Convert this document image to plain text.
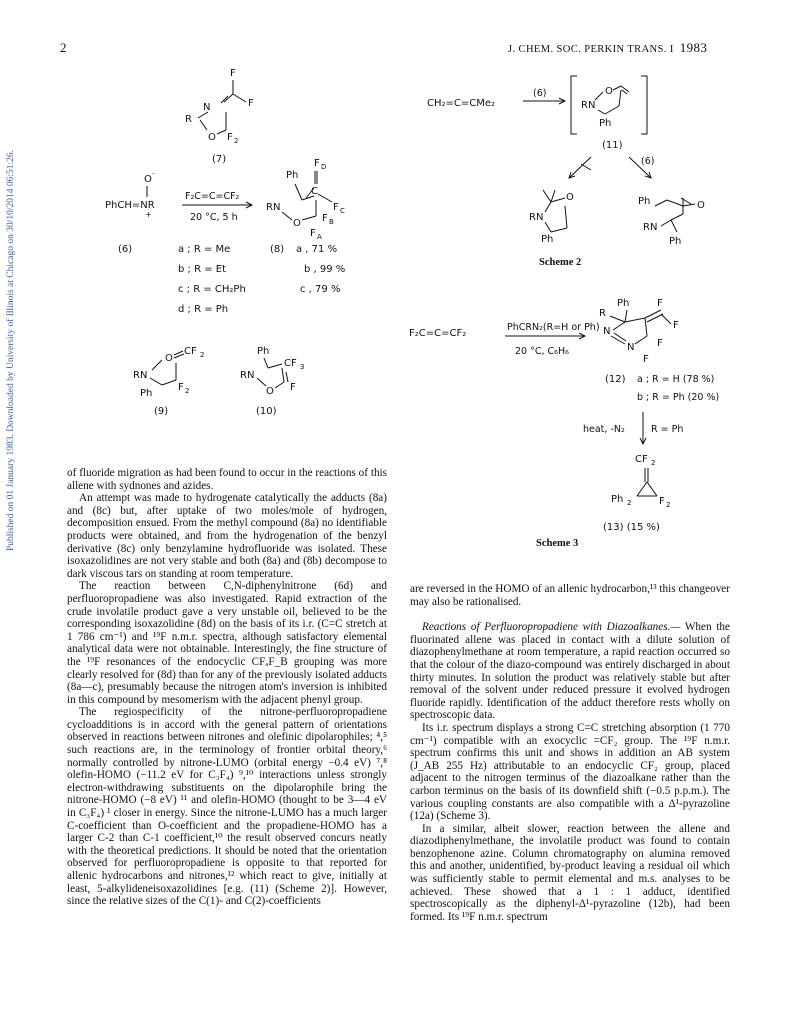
Published on 01 January 1983. Downloaded by University of Illinois at Chicago on 30/10/2014 06:51:26.
2	J. CHEM. SOC. PERKIN TRANS. I 1983
F
F
N
R
O F 2
(7)
O -
PhCH=NR
+
F₂C=C=CF₂
20 °C, 5 h
(6)
Ph
F D
C
F C
RN
O F B
F A
(8)
a ; R = Me
b ; R = Et
c ; R = CH₂Ph
d ; R = Ph
a , 71 %
b , 99 %
c , 79 %
O
CF 2
RN
F 2
Ph
(9)
Ph
CF 3
RN
O F
(10)
CH₂=C=CMe₂
(6)	O
RN
Ph
(11)
(6)
O
RN
Ph
Ph	O
RN
Ph
Scheme 2
F₂C=C=CF₂
PhCRN₂(R=H or Ph)
20 °C, C₆H₆
R
Ph	F
F
N
N F
F
(12) a ; R = H (78 %)
b ; R = Ph (20 %)
heat, -N₂	R = Ph
CF 2
Ph 2	F 2
(13) (15 %)
Scheme 3

of fluoride migration as had been found to occur in the reactions of this allene with sydnones and azides.

An attempt was made to hydrogenate catalytically the adducts (8a) and (8c) but, after uptake of two moles/mole of hydrogen, decomposition ensued. From the methyl compound (8a) no identifiable products were obtained, and from the hydrogenation of the benzyl derivative (8c) only benzylamine hydrofluoride was isolated. These isoxazolidines are not very stable and both (8a) and (8b) decompose to dark viscous tars on standing at room temperature.

The reaction between C,N-diphenylnitrone (6d) and perfluoropropadiene was also investigated. Rapid extraction of the crude involatile product gave a very unstable oil, believed to be the corresponding isoxazolidine (8d) on the basis of its i.r. (C=C stretch at 1 786 cm⁻¹) and ¹⁹F n.m.r. spectra, although satisfactory elemental analytical data were not obtainable. Interestingly, the fine structure of the ¹⁹F resonances of the endocyclic CFₐF_B grouping was more clearly resolved for (8d) than for any of the previously isolated adducts (8a—c), presumably because the nitrogen atom's inversion is inhibited in this compound by mesomerism with the adjacent phenyl group.

The regiospecificity of the nitrone-perfluoropropadiene cycloadditions is in accord with the general pattern of orientations observed in reactions between nitrones and olefinic dipolarophiles; ⁴,⁵ such reactions are, in the terminology of frontier orbital theory,⁶ normally controlled by nitrone-LUMO (orbital energy −0.4 eV) ⁷,⁸ olefin-HOMO (−11.2 eV for C₃F₄) ⁹,¹⁰ interactions unless strongly electron-withdrawing substituents on the dipolarophile bring the nitrone-HOMO (−8 eV) ¹¹ and olefin-HOMO (thought to be 3—4 eV in C₃F₄) ¹ closer in energy. Since the nitrone-LUMO has a much larger C-coefficient than O-coefficient and the propadiene-HOMO has a larger C-2 than C-1 coefficient,¹⁰ the result observed concurs neatly with the theoretical predictions. It should be noted that the orientation observed for perfluoropropadiene is opposite to that reported for allenic hydrocarbons and nitrones,¹² which react to give, initially at least, 5-alkylideneisoxazolidines [e.g. (11) (Scheme 2)]. However, since the relative sizes of the C(1)- and C(2)-coefficients

are reversed in the HOMO of an allenic hydrocarbon,¹³ this changeover may also be rationalised.

Reactions of Perfluoropropadiene with Diazoalkanes.— When the fluorinated allene was placed in contact with a dilute solution of diazophenylmethane at room temperature, a rapid reaction occurred so that the colour of the diazo-compound was entirely discharged in about thirty minutes. In solution the product was relatively stable but after removal of the solvent under reduced pressure it evolved hydrogen fluoride rapidly. Identification of the adduct therefore rests wholly on spectroscopic data.

Its i.r. spectrum displays a strong C=C stretching absorption (1 770 cm⁻¹) compatible with an exocyclic =CF₂ group. The ¹⁹F n.m.r. spectrum confirms this unit and shows in addition an AB system (J_AB 255 Hz) attributable to an endocyclic CF₂ group, placed adjacent to the nitrogen terminus of the diazoalkane rather than the carbon terminus on the basis of its downfield shift (−0.5 p.p.m.). The various coupling constants are also compatible with a Δ¹-pyrazoline (12a) (Scheme 3).

In a similar, albeit slower, reaction between the allene and diazodiphenylmethane, the involatile product was found to contain benzophenone azine. Column chromatography on alumina removed this and another, unidentified, by-product leaving a residual oil which was sufficiently stable to permit elemental and m.s. analyses to be achieved. These showed that a 1 : 1 adduct, identified spectroscopically as the diphenyl-Δ¹-pyrazoline (12b), had been formed. Its ¹⁹F n.m.r. spectrum
